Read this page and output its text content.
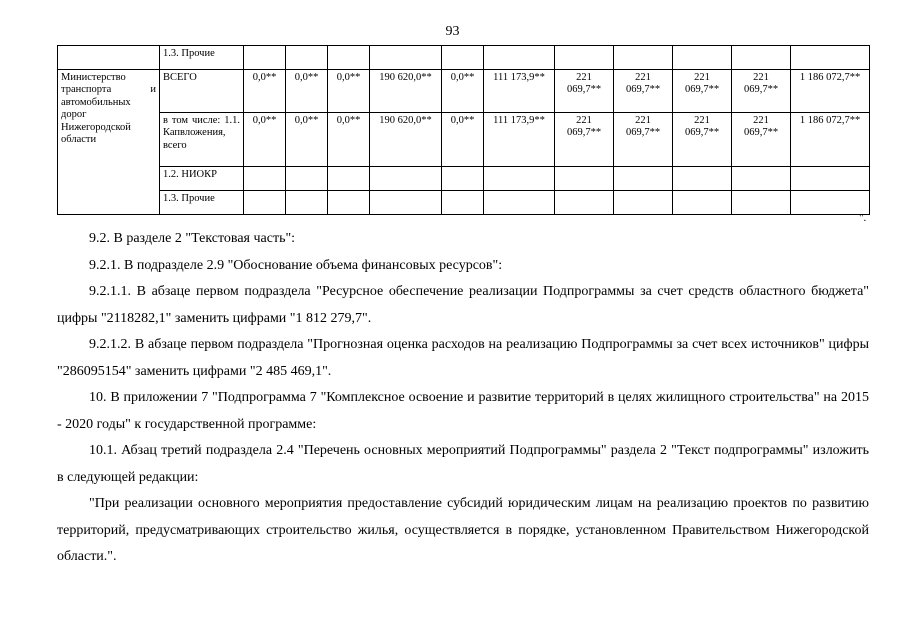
93
	1.3. Прочие											
Министерство транспорта и автомобильных дорог Нижегородской области	ВСЕГО	0,0**	0,0**	0,0**	190 620,0**	0,0**	111 173,9**	221 069,7**	221 069,7**	221 069,7**	221 069,7**	1 186 072,7**
	в том числе: 1.1. Капвложения, всего	0,0**	0,0**	0,0**	190 620,0**	0,0**	111 173,9**	221 069,7**	221 069,7**	221 069,7**	221 069,7**	1 186 072,7**
	1.2. НИОКР											
	1.3. Прочие											
".

9.2. В разделе 2 "Текстовая часть":

9.2.1. В подразделе 2.9 "Обоснование объема финансовых ресурсов":

9.2.1.1. В абзаце первом подраздела "Ресурсное обеспечение реализации Подпрограммы за счет средств областного бюджета" цифры "2118282,1" заменить цифрами "1 812 279,7".

9.2.1.2. В абзаце первом подраздела "Прогнозная оценка расходов на реализацию Подпрограммы за счет всех источников" цифры "286095154" заменить цифрами "2 485 469,1".

10. В приложении 7 "Подпрограмма 7 "Комплексное освоение и развитие территорий в целях жилищного строительства" на 2015 - 2020 годы" к государственной программе:

10.1. Абзац третий подраздела 2.4 "Перечень основных мероприятий Подпрограммы" раздела 2 "Текст подпрограммы" изложить в следующей редакции:

"При реализации основного мероприятия предоставление субсидий юридическим лицам на реализацию проектов по развитию территорий, предусматривающих строительство жилья, осуществляется в порядке, установленном Правительством Нижегородской области.".
